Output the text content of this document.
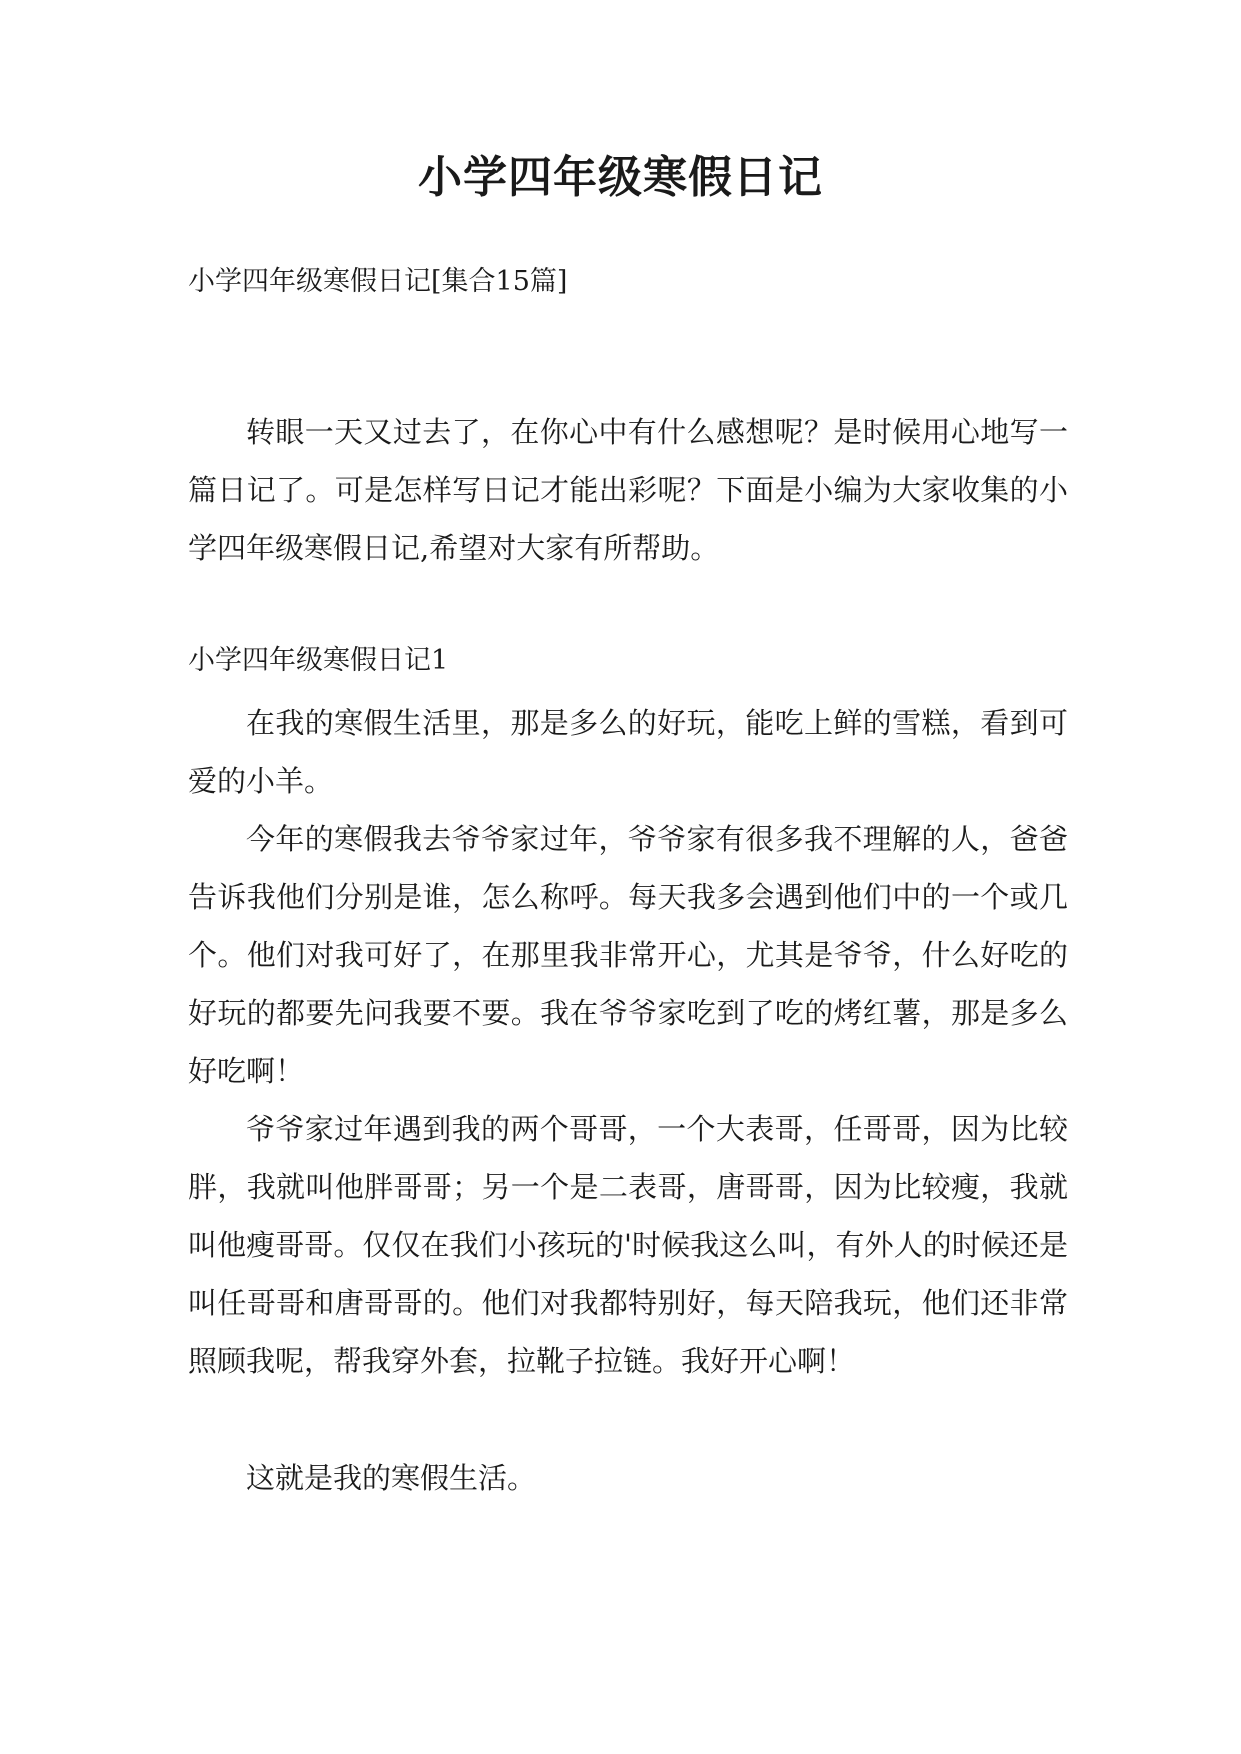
小学四年级寒假日记
小学四年级寒假日记[集合15篇]

转眼一天又过去了，在你心中有什么感想呢？是时候用心地写一篇日记了。可是怎样写日记才能出彩呢？下面是小编为大家收集的小学四年级寒假日记,希望对大家有所帮助。

小学四年级寒假日记1

在我的寒假生活里，那是多么的好玩，能吃上鲜的雪糕，看到可爱的小羊。

今年的寒假我去爷爷家过年，爷爷家有很多我不理解的人，爸爸告诉我他们分别是谁，怎么称呼。每天我多会遇到他们中的一个或几个。他们对我可好了，在那里我非常开心，尤其是爷爷，什么好吃的好玩的都要先问我要不要。我在爷爷家吃到了吃的烤红薯，那是多么好吃啊！

爷爷家过年遇到我的两个哥哥，一个大表哥，任哥哥，因为比较胖，我就叫他胖哥哥；另一个是二表哥，唐哥哥，因为比较瘦，我就叫他瘦哥哥。仅仅在我们小孩玩的'时候我这么叫，有外人的时候还是叫任哥哥和唐哥哥的。他们对我都特别好，每天陪我玩，他们还非常照顾我呢，帮我穿外套，拉靴子拉链。我好开心啊！

这就是我的寒假生活。
